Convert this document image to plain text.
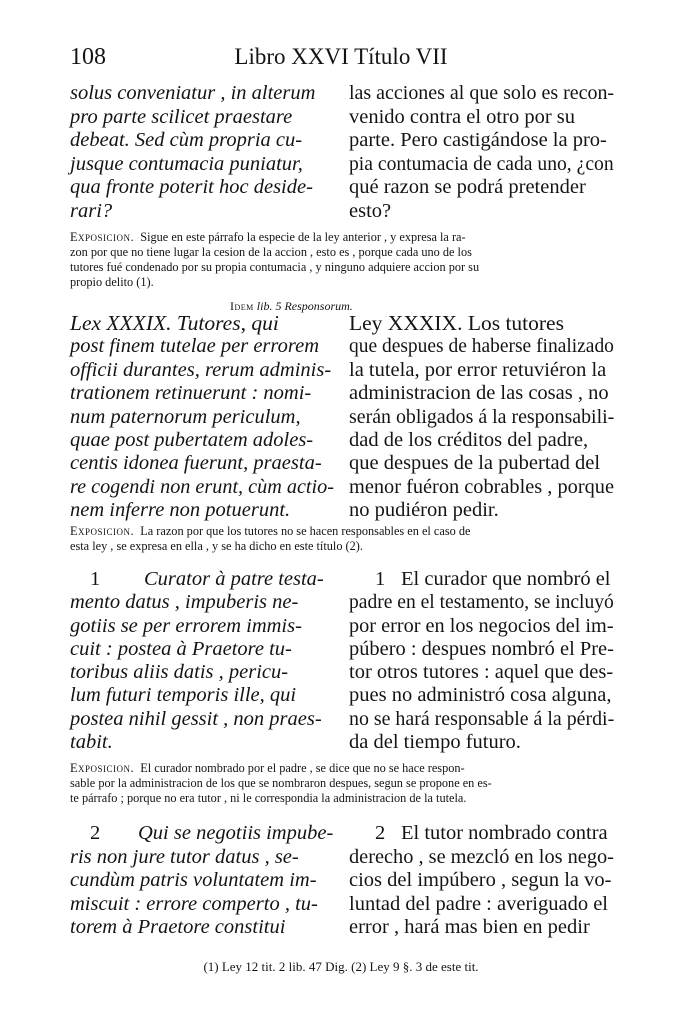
108	Libro XXVI Título VII
solus conveniatur , in alterum
pro parte scilicet praestare
debeat. Sed cùm propria cu-
jusque contumacia puniatur,
qua fronte poterit hoc deside-
rari?
las acciones al que solo es recon-
venido contra el otro por su
parte. Pero castigándose la pro-
pia contumacia de cada uno, ¿con
qué razon se podrá pretender
esto?
Exposicion. Sigue en este párrafo la especie de la ley anterior , y expresa la ra-
zon por que no tiene lugar la cesion de la accion , esto es , porque cada uno de los
tutores fué condenado por su propia contumacia , y ninguno adquiere accion por su
propio delito (1).
Idem lib. 5 Responsorum.
Lex XXXIX. Tutores, qui
post finem tutelae per errorem
officii durantes, rerum adminis-
trationem retinuerunt : nomi-
num paternorum periculum,
quae post pubertatem adoles-
centis idonea fuerunt, praesta-
re cogendi non erunt, cùm actio-
nem inferre non potuerunt.
Ley XXXIX. Los tutores
que despues de haberse finalizado
la tutela, por error retuviéron la
administracion de las cosas , no
serán obligados á la responsabili-
dad de los créditos del padre,
que despues de la pubertad del
menor fuéron cobrables , porque
no pudiéron pedir.
Exposicion. La razon por que los tutores no se hacen responsables en el caso de
esta ley , se expresa en ella , y se ha dicho en este título (2).
1 Curator à patre testa-
mento datus , impuberis ne-
gotiis se per errorem immis-
cuit : postea à Praetore tu-
toribus aliis datis , pericu-
lum futuri temporis ille, qui
postea nihil gessit , non praes-
tabit.
1 El curador que nombró el
padre en el testamento, se incluyó
por error en los negocios del im-
púbero : despues nombró el Pre-
tor otros tutores : aquel que des-
pues no administró cosa alguna,
no se hará responsable á la pérdi-
da del tiempo futuro.
Exposicion. El curador nombrado por el padre , se dice que no se hace respon-
sable por la administracion de los que se nombraron despues, segun se propone en es-
te párrafo ; porque no era tutor , ni le correspondia la administracion de la tutela.
2 Qui se negotiis impube-
ris non jure tutor datus , se-
cundùm patris voluntatem im-
miscuit : errore comperto , tu-
torem à Praetore constitui
2 El tutor nombrado contra
derecho , se mezcló en los nego-
cios del impúbero , segun la vo-
luntad del padre : averiguado el
error , hará mas bien en pedir
(1) Ley 12 tit. 2 lib. 47 Dig. (2) Ley 9 §. 3 de este tit.
